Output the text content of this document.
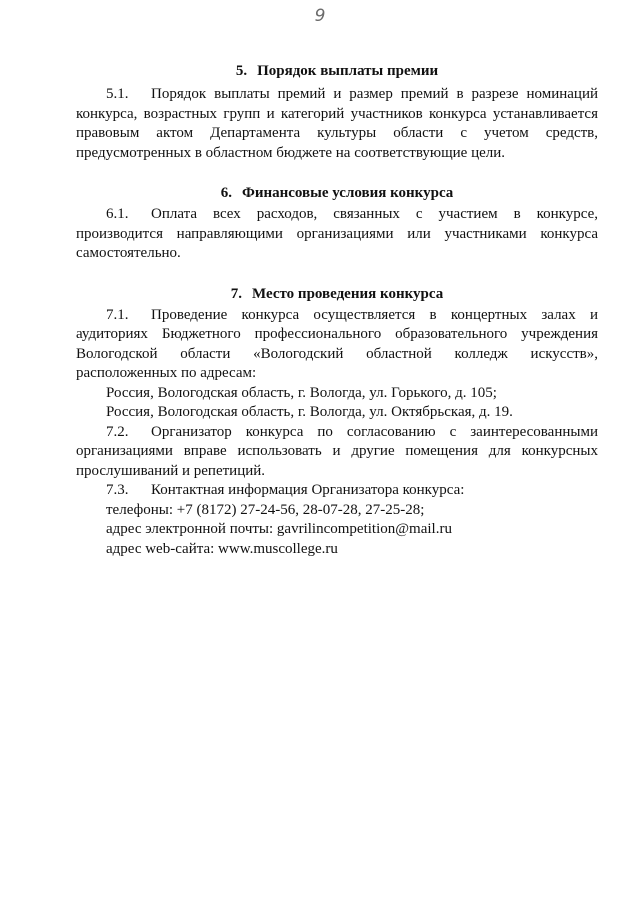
9
5. Порядок выплаты премии

5.1. Порядок выплаты премий и размер премий в разрезе номинаций конкурса, возрастных групп и категорий участников конкурса устанавливается правовым актом Департамента культуры области с учетом средств, предусмотренных в областном бюджете на соответствующие цели.

6. Финансовые условия конкурса

6.1. Оплата всех расходов, связанных с участием в конкурсе, производится направляющими организациями или участниками конкурса самостоятельно.

7. Место проведения конкурса

7.1. Проведение конкурса осуществляется в концертных залах и аудиториях Бюджетного профессионального образовательного учреждения Вологодской области «Вологодский областной колледж искусств», расположенных по адресам:

Россия, Вологодская область, г. Вологда, ул. Горького, д. 105;

Россия, Вологодская область, г. Вологда, ул. Октябрьская, д. 19.

7.2. Организатор конкурса по согласованию с заинтересованными организациями вправе использовать и другие помещения для конкурсных прослушиваний и репетиций.

7.3. Контактная информация Организатора конкурса:

телефоны: +7 (8172) 27-24-56, 28-07-28, 27-25-28;

адрес электронной почты: gavrilincompetition@mail.ru

адрес web-сайта: www.muscollege.ru
